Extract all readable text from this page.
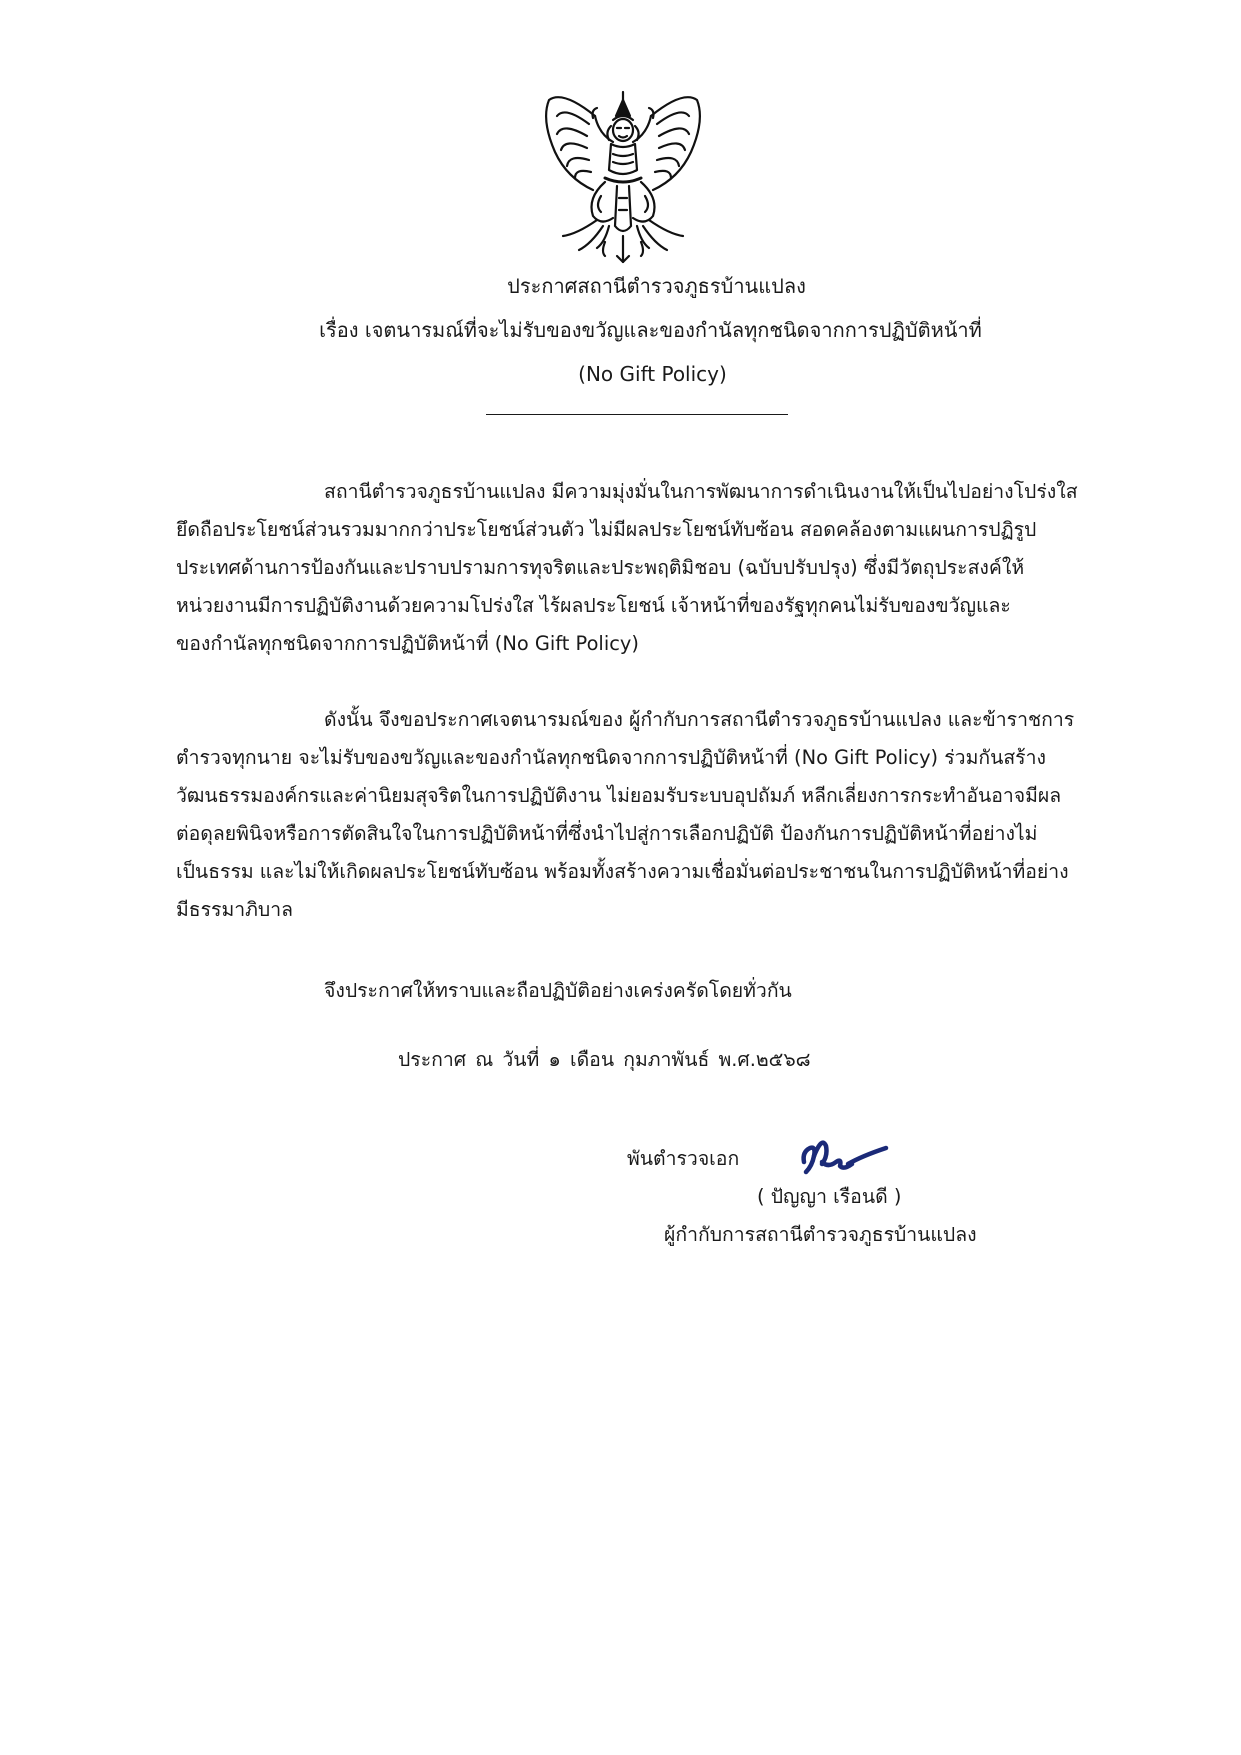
ประกาศสถานีตำรวจภูธรบ้านแปลง
เรื่อง เจตนารมณ์ที่จะไม่รับของขวัญและของกำนัลทุกชนิดจากการปฏิบัติหน้าที่
(No Gift Policy)
สถานีตำรวจภูธรบ้านแปลง มีความมุ่งมั่นในการพัฒนาการดำเนินงานให้เป็นไปอย่างโปร่งใส
ยึดถือประโยชน์ส่วนรวมมากกว่าประโยชน์ส่วนตัว ไม่มีผลประโยชน์ทับซ้อน สอดคล้องตามแผนการปฏิรูป
ประเทศด้านการป้องกันและปราบปรามการทุจริตและประพฤติมิชอบ (ฉบับปรับปรุง) ซึ่งมีวัตถุประสงค์ให้
หน่วยงานมีการปฏิบัติงานด้วยความโปร่งใส ไร้ผลประโยชน์ เจ้าหน้าที่ของรัฐทุกคนไม่รับของขวัญและ
ของกำนัลทุกชนิดจากการปฏิบัติหน้าที่ (No Gift Policy)
ดังนั้น จึงขอประกาศเจตนารมณ์ของ ผู้กำกับการสถานีตำรวจภูธรบ้านแปลง และข้าราชการ
ตำรวจทุกนาย จะไม่รับของขวัญและของกำนัลทุกชนิดจากการปฏิบัติหน้าที่ (No Gift Policy) ร่วมกันสร้าง
วัฒนธรรมองค์กรและค่านิยมสุจริตในการปฏิบัติงาน ไม่ยอมรับระบบอุปถัมภ์ หลีกเลี่ยงการกระทำอันอาจมีผล
ต่อดุลยพินิจหรือการตัดสินใจในการปฏิบัติหน้าที่ซึ่งนำไปสู่การเลือกปฏิบัติ ป้องกันการปฏิบัติหน้าที่อย่างไม่
เป็นธรรม และไม่ให้เกิดผลประโยชน์ทับซ้อน พร้อมทั้งสร้างความเชื่อมั่นต่อประชาชนในการปฏิบัติหน้าที่อย่าง
มีธรรมาภิบาล
จึงประกาศให้ทราบและถือปฏิบัติอย่างเคร่งครัดโดยทั่วกัน
ประกาศ ณ วันที่ ๑ เดือน กุมภาพันธ์ พ.ศ.๒๕๖๘
พันตำรวจเอก
( ปัญญา เรือนดี )
ผู้กำกับการสถานีตำรวจภูธรบ้านแปลง
